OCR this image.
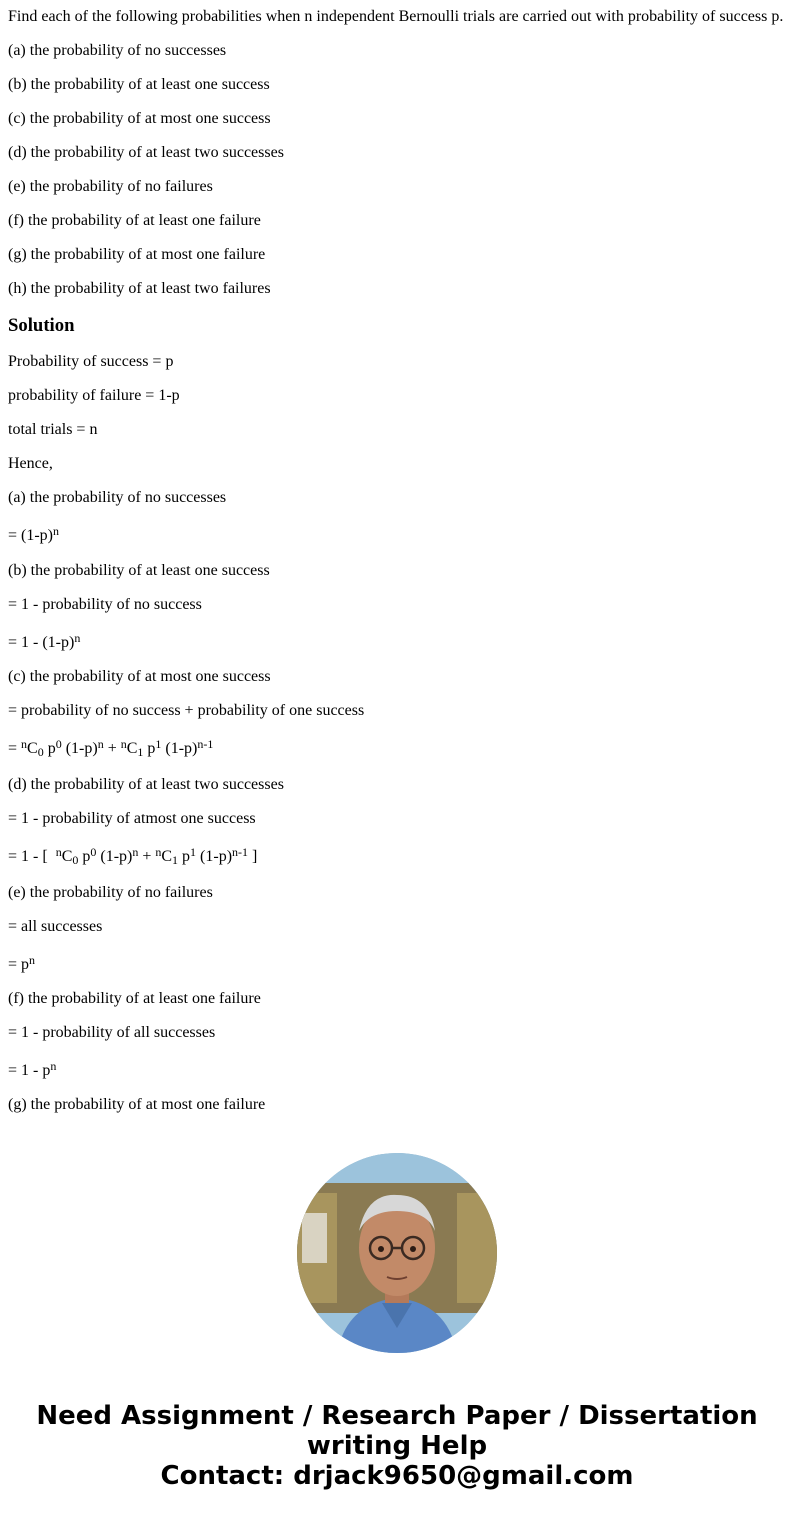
Find each of the following probabilities when n independent Bernoulli trials are carried out with probability of success p.

(a) the probability of no successes

(b) the probability of at least one success

(c) the probability of at most one success

(d) the probability of at least two successes

(e) the probability of no failures

(f) the probability of at least one failure

(g) the probability of at most one failure

(h) the probability of at least two failures

Solution

Probability of success = p

probability of failure = 1-p

total trials = n

Hence,

(a) the probability of no successes

= $(1-p)^n$

(b) the probability of at least one success

= 1 - probability of no success

= $1 - (1-p)^n$

(c) the probability of at most one success

= probability of no success + probability of one success

= $^nC_0$ $p^0$ $(1-p)^n + ^nC_1$ $p^1$ $(1-p)^{n-1}$

(d) the probability of at least two successes

= 1 - probability of atmost one success

= 1 - [  $^nC_0$ $p^0$ $(1-p)^n + ^nC_1$ $p^1$ $(1-p)^{n-1}$ ]

(e) the probability of no failures

= all successes

= $p^n$

(f) the probability of at least one failure

= 1 - probability of all successes

= $1 - p^n$

(g) the probability of at most one failure

Need Assignment / Research Paper / Dissertation
writing Help
Contact: drjack9650@gmail.com
